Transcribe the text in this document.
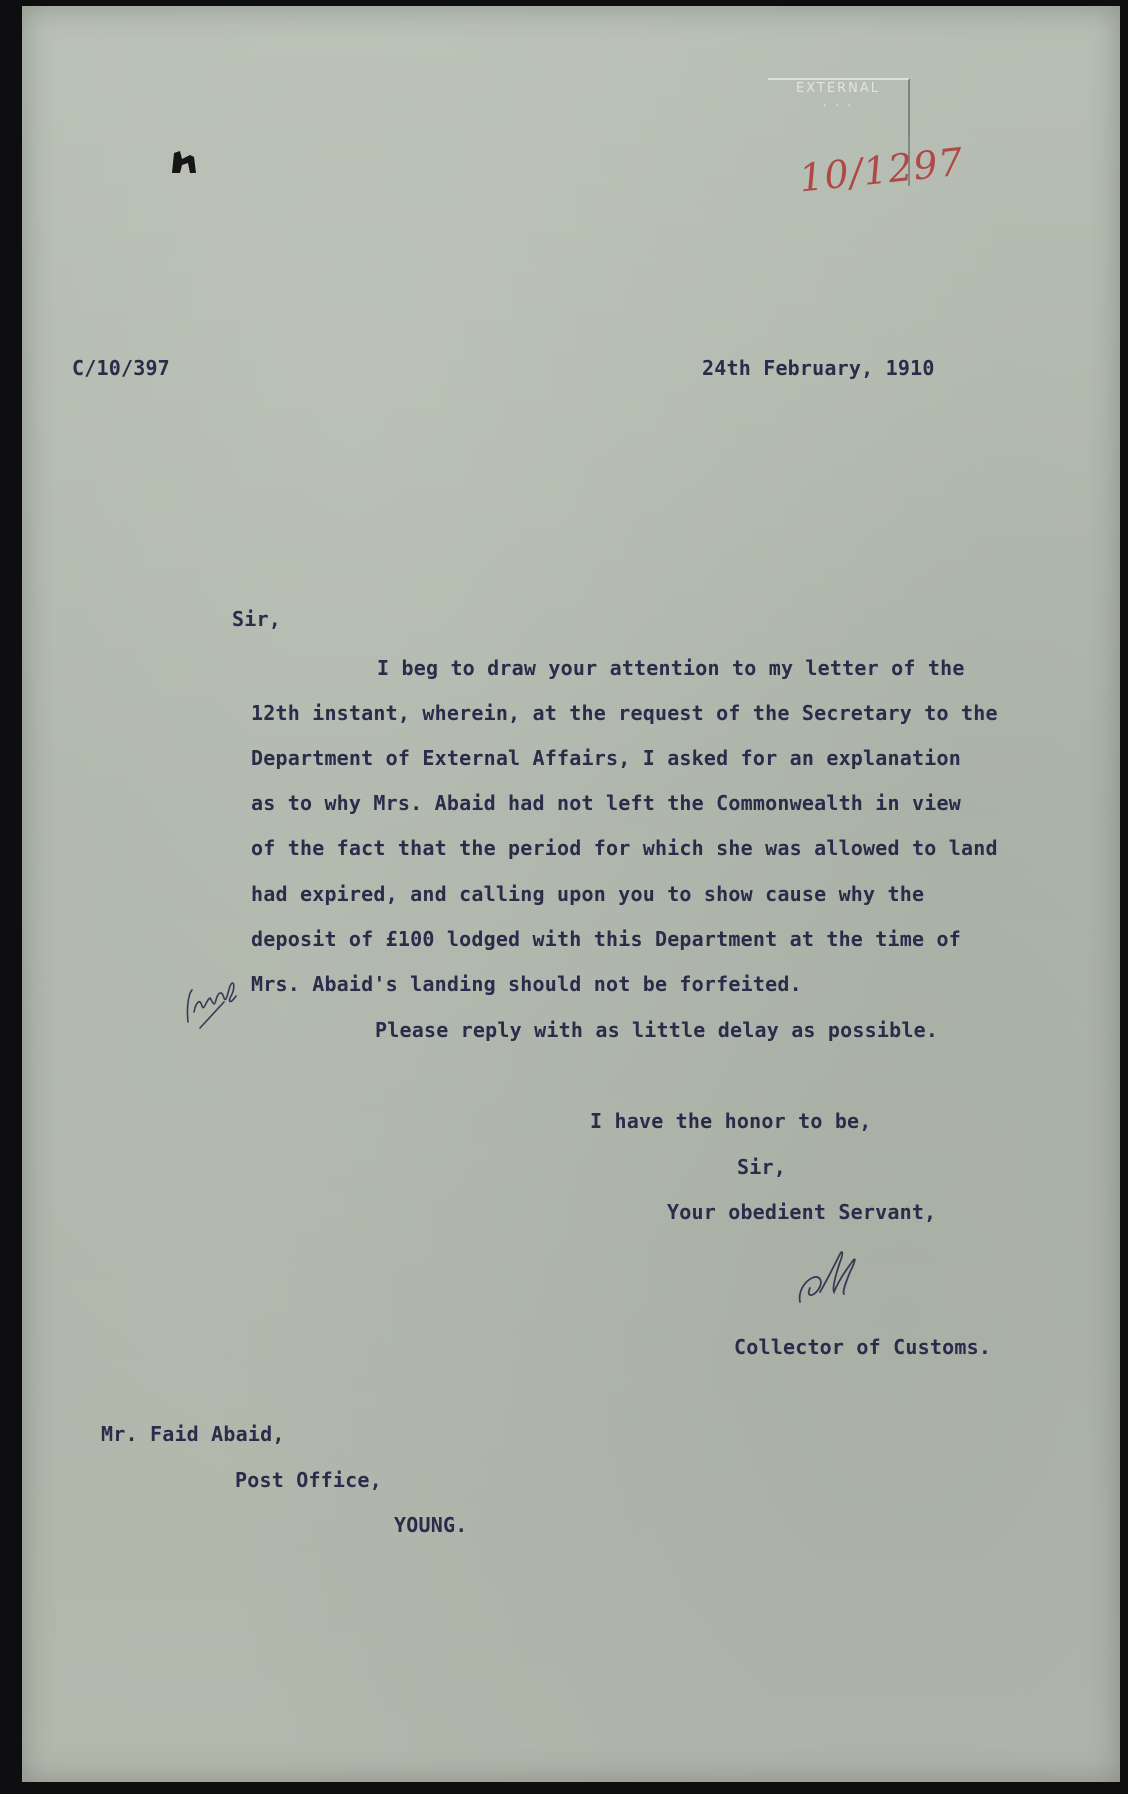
EXTERNAL
· · ·
10/1297
C/10/397	24th February, 1910
Sir,
I beg to draw your attention to my letter of the
12th instant, wherein, at the request of the Secretary to the
Department of External Affairs, I asked for an explanation
as to why Mrs. Abaid had not left the Commonwealth in view
of the fact that the period for which she was allowed to land
had expired, and calling upon you to show cause why the
deposit of £100 lodged with this Department at the time of
Mrs. Abaid's landing should not be forfeited.
Please reply with as little delay as possible.
I have the honor to be,
Sir,
Your obedient Servant,
Collector of Customs.
Mr. Faid Abaid,
Post Office,
YOUNG.
